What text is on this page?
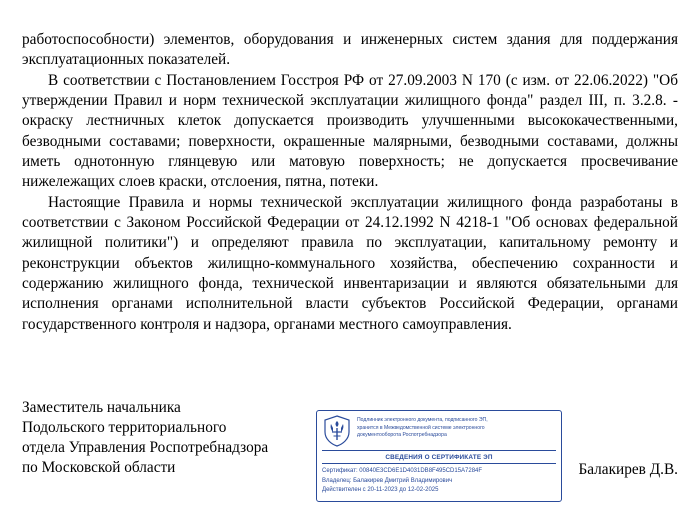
работоспособности) элементов, оборудования и инженерных систем здания для поддержания эксплуатационных показателей.

В соответствии с Постановлением Госстроя РФ от 27.09.2003 N 170 (с изм. от 22.06.2022) "Об утверждении Правил и норм технической эксплуатации жилищного фонда" раздел III, п. 3.2.8. - окраску лестничных клеток допускается производить улучшенными высококачественными, безводными составами; поверхности, окрашенные малярными, безводными составами, должны иметь однотонную глянцевую или матовую поверхность; не допускается просвечивание нижележащих слоев краски, отслоения, пятна, потеки.

Настоящие Правила и нормы технической эксплуатации жилищного фонда разработаны в соответствии с Законом Российской Федерации от 24.12.1992 N 4218-1 "Об основах федеральной жилищной политики") и определяют правила по эксплуатации, капитальному ремонту и реконструкции объектов жилищно-коммунального хозяйства, обеспечению сохранности и содержанию жилищного фонда, технической инвентаризации и являются обязательными для исполнения органами исполнительной власти субъектов Российской Федерации, органами государственного контроля и надзора, органами местного самоуправления.

Заместитель начальника
Подольского территориального
отдела Управления Роспотребнадзора
по Московской области	Балакирев Д.В.
Подлинник электронного документа, подписанного ЭП,
хранится в Межведомственной системе электронного
документооборота Роспотребнадзора
СВЕДЕНИЯ О СЕРТИФИКАТЕ ЭП
Сертификат: 00840E3CD6E1D4031DB8F495CD15A7284F
Владелец: Балакирев Дмитрий Владимирович
Действителен с 20-11-2023 до 12-02-2025
